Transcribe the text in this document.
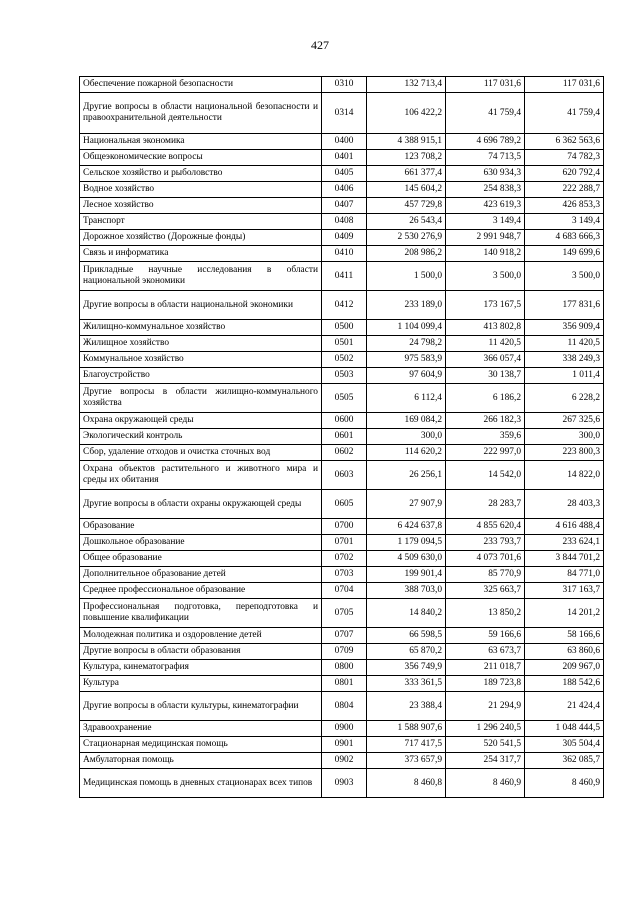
427
Обеспечение пожарной безопасности	0310	132 713,4	117 031,6	117 031,6
Другие вопросы в области национальной безопасности и правоохранительной деятельности	0314	106 422,2	41 759,4	41 759,4
Национальная экономика	0400	4 388 915,1	4 696 789,2	6 362 563,6
Общеэкономические вопросы	0401	123 708,2	74 713,5	74 782,3
Сельское хозяйство и рыболовство	0405	661 377,4	630 934,3	620 792,4
Водное хозяйство	0406	145 604,2	254 838,3	222 288,7
Лесное хозяйство	0407	457 729,8	423 619,3	426 853,3
Транспорт	0408	26 543,4	3 149,4	3 149,4
Дорожное хозяйство (Дорожные фонды)	0409	2 530 276,9	2 991 948,7	4 683 666,3
Связь и информатика	0410	208 986,2	140 918,2	149 699,6
Прикладные научные исследования в области национальной экономики	0411	1 500,0	3 500,0	3 500,0
Другие вопросы в области национальной экономики	0412	233 189,0	173 167,5	177 831,6
Жилищно-коммунальное хозяйство	0500	1 104 099,4	413 802,8	356 909,4
Жилищное хозяйство	0501	24 798,2	11 420,5	11 420,5
Коммунальное хозяйство	0502	975 583,9	366 057,4	338 249,3
Благоустройство	0503	97 604,9	30 138,7	1 011,4
Другие вопросы в области жилищно-коммунального хозяйства	0505	6 112,4	6 186,2	6 228,2
Охрана окружающей среды	0600	169 084,2	266 182,3	267 325,6
Экологический контроль	0601	300,0	359,6	300,0
Сбор, удаление отходов и очистка сточных вод	0602	114 620,2	222 997,0	223 800,3
Охрана объектов растительного и животного мира и среды их обитания	0603	26 256,1	14 542,0	14 822,0
Другие вопросы в области охраны окружающей среды	0605	27 907,9	28 283,7	28 403,3
Образование	0700	6 424 637,8	4 855 620,4	4 616 488,4
Дошкольное образование	0701	1 179 094,5	233 793,7	233 624,1
Общее образование	0702	4 509 630,0	4 073 701,6	3 844 701,2
Дополнительное образование детей	0703	199 901,4	85 770,9	84 771,0
Среднее профессиональное образование	0704	388 703,0	325 663,7	317 163,7
Профессиональная подготовка, переподготовка и повышение квалификации	0705	14 840,2	13 850,2	14 201,2
Молодежная политика и оздоровление детей	0707	66 598,5	59 166,6	58 166,6
Другие вопросы в области образования	0709	65 870,2	63 673,7	63 860,6
Культура, кинематография	0800	356 749,9	211 018,7	209 967,0
Культура	0801	333 361,5	189 723,8	188 542,6
Другие вопросы в области культуры, кинематографии	0804	23 388,4	21 294,9	21 424,4
Здравоохранение	0900	1 588 907,6	1 296 240,5	1 048 444,5
Стационарная медицинская помощь	0901	717 417,5	520 541,5	305 504,4
Амбулаторная помощь	0902	373 657,9	254 317,7	362 085,7
Медицинская помощь в дневных стационарах всех типов	0903	8 460,8	8 460,9	8 460,9
